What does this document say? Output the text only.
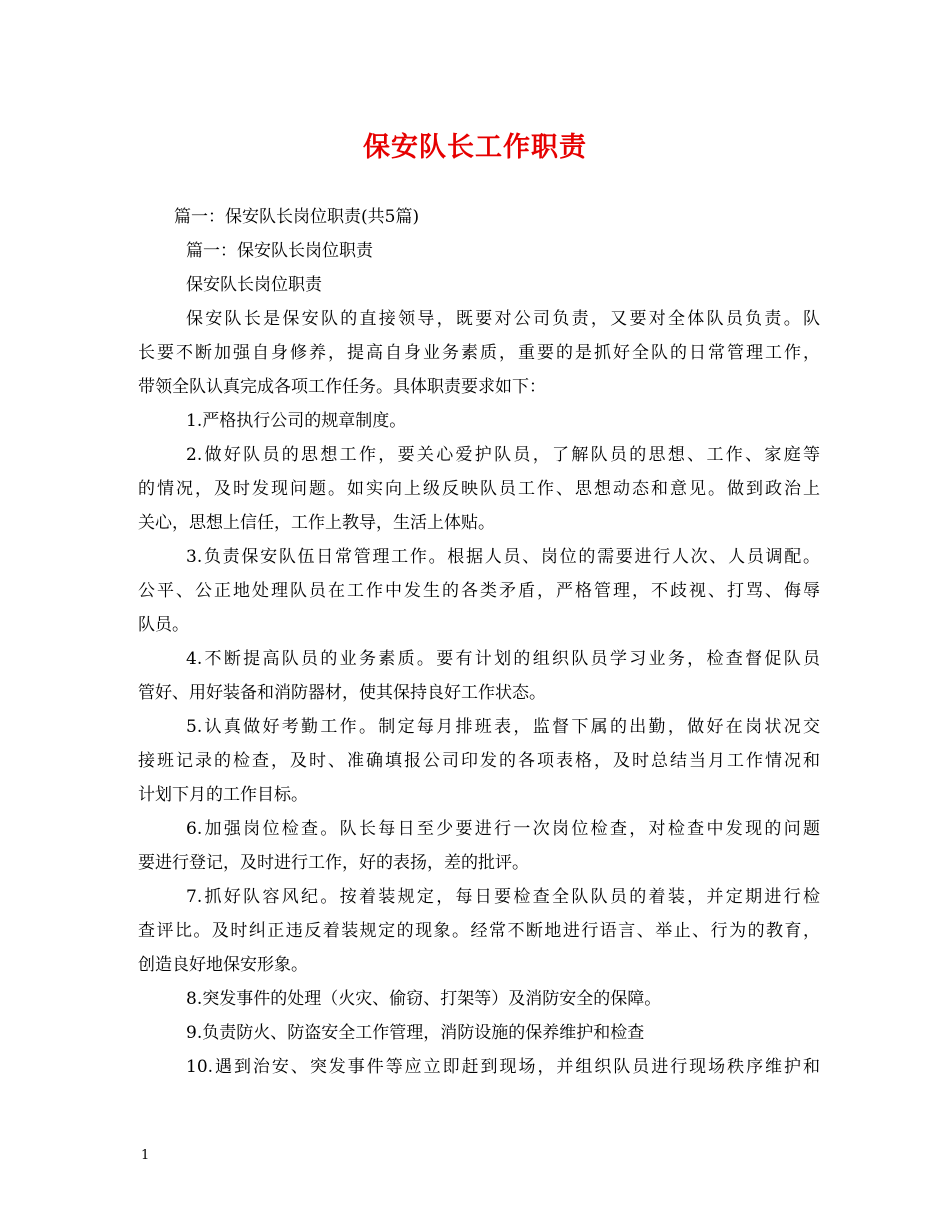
保安队长工作职责
篇一：保安队长岗位职责(共5篇)
篇一：保安队长岗位职责
保安队长岗位职责
保安队长是保安队的直接领导，既要对公司负责，又要对全体队员负责。队
长要不断加强自身修养，提高自身业务素质，重要的是抓好全队的日常管理工作，
带领全队认真完成各项工作任务。具体职责要求如下：
1.严格执行公司的规章制度。
2.做好队员的思想工作，要关心爱护队员，了解队员的思想、工作、家庭等
的情况，及时发现问题。如实向上级反映队员工作、思想动态和意见。做到政治上
关心，思想上信任，工作上教导，生活上体贴。
3.负责保安队伍日常管理工作。根据人员、岗位的需要进行人次、人员调配。
公平、公正地处理队员在工作中发生的各类矛盾，严格管理，不歧视、打骂、侮辱
队员。
4.不断提高队员的业务素质。要有计划的组织队员学习业务，检查督促队员
管好、用好装备和消防器材，使其保持良好工作状态。
5.认真做好考勤工作。制定每月排班表，监督下属的出勤，做好在岗状况交
接班记录的检查，及时、准确填报公司印发的各项表格，及时总结当月工作情况和
计划下月的工作目标。
6.加强岗位检查。队长每日至少要进行一次岗位检查，对检查中发现的问题
要进行登记，及时进行工作，好的表扬，差的批评。
7.抓好队容风纪。按着装规定，每日要检查全队队员的着装，并定期进行检
查评比。及时纠正违反着装规定的现象。经常不断地进行语言、举止、行为的教育，
创造良好地保安形象。
8.突发事件的处理（火灾、偷窃、打架等）及消防安全的保障。
9.负责防火、防盗安全工作管理，消防设施的保养维护和检查
10.遇到治安、突发事件等应立即赶到现场，并组织队员进行现场秩序维护和
1
